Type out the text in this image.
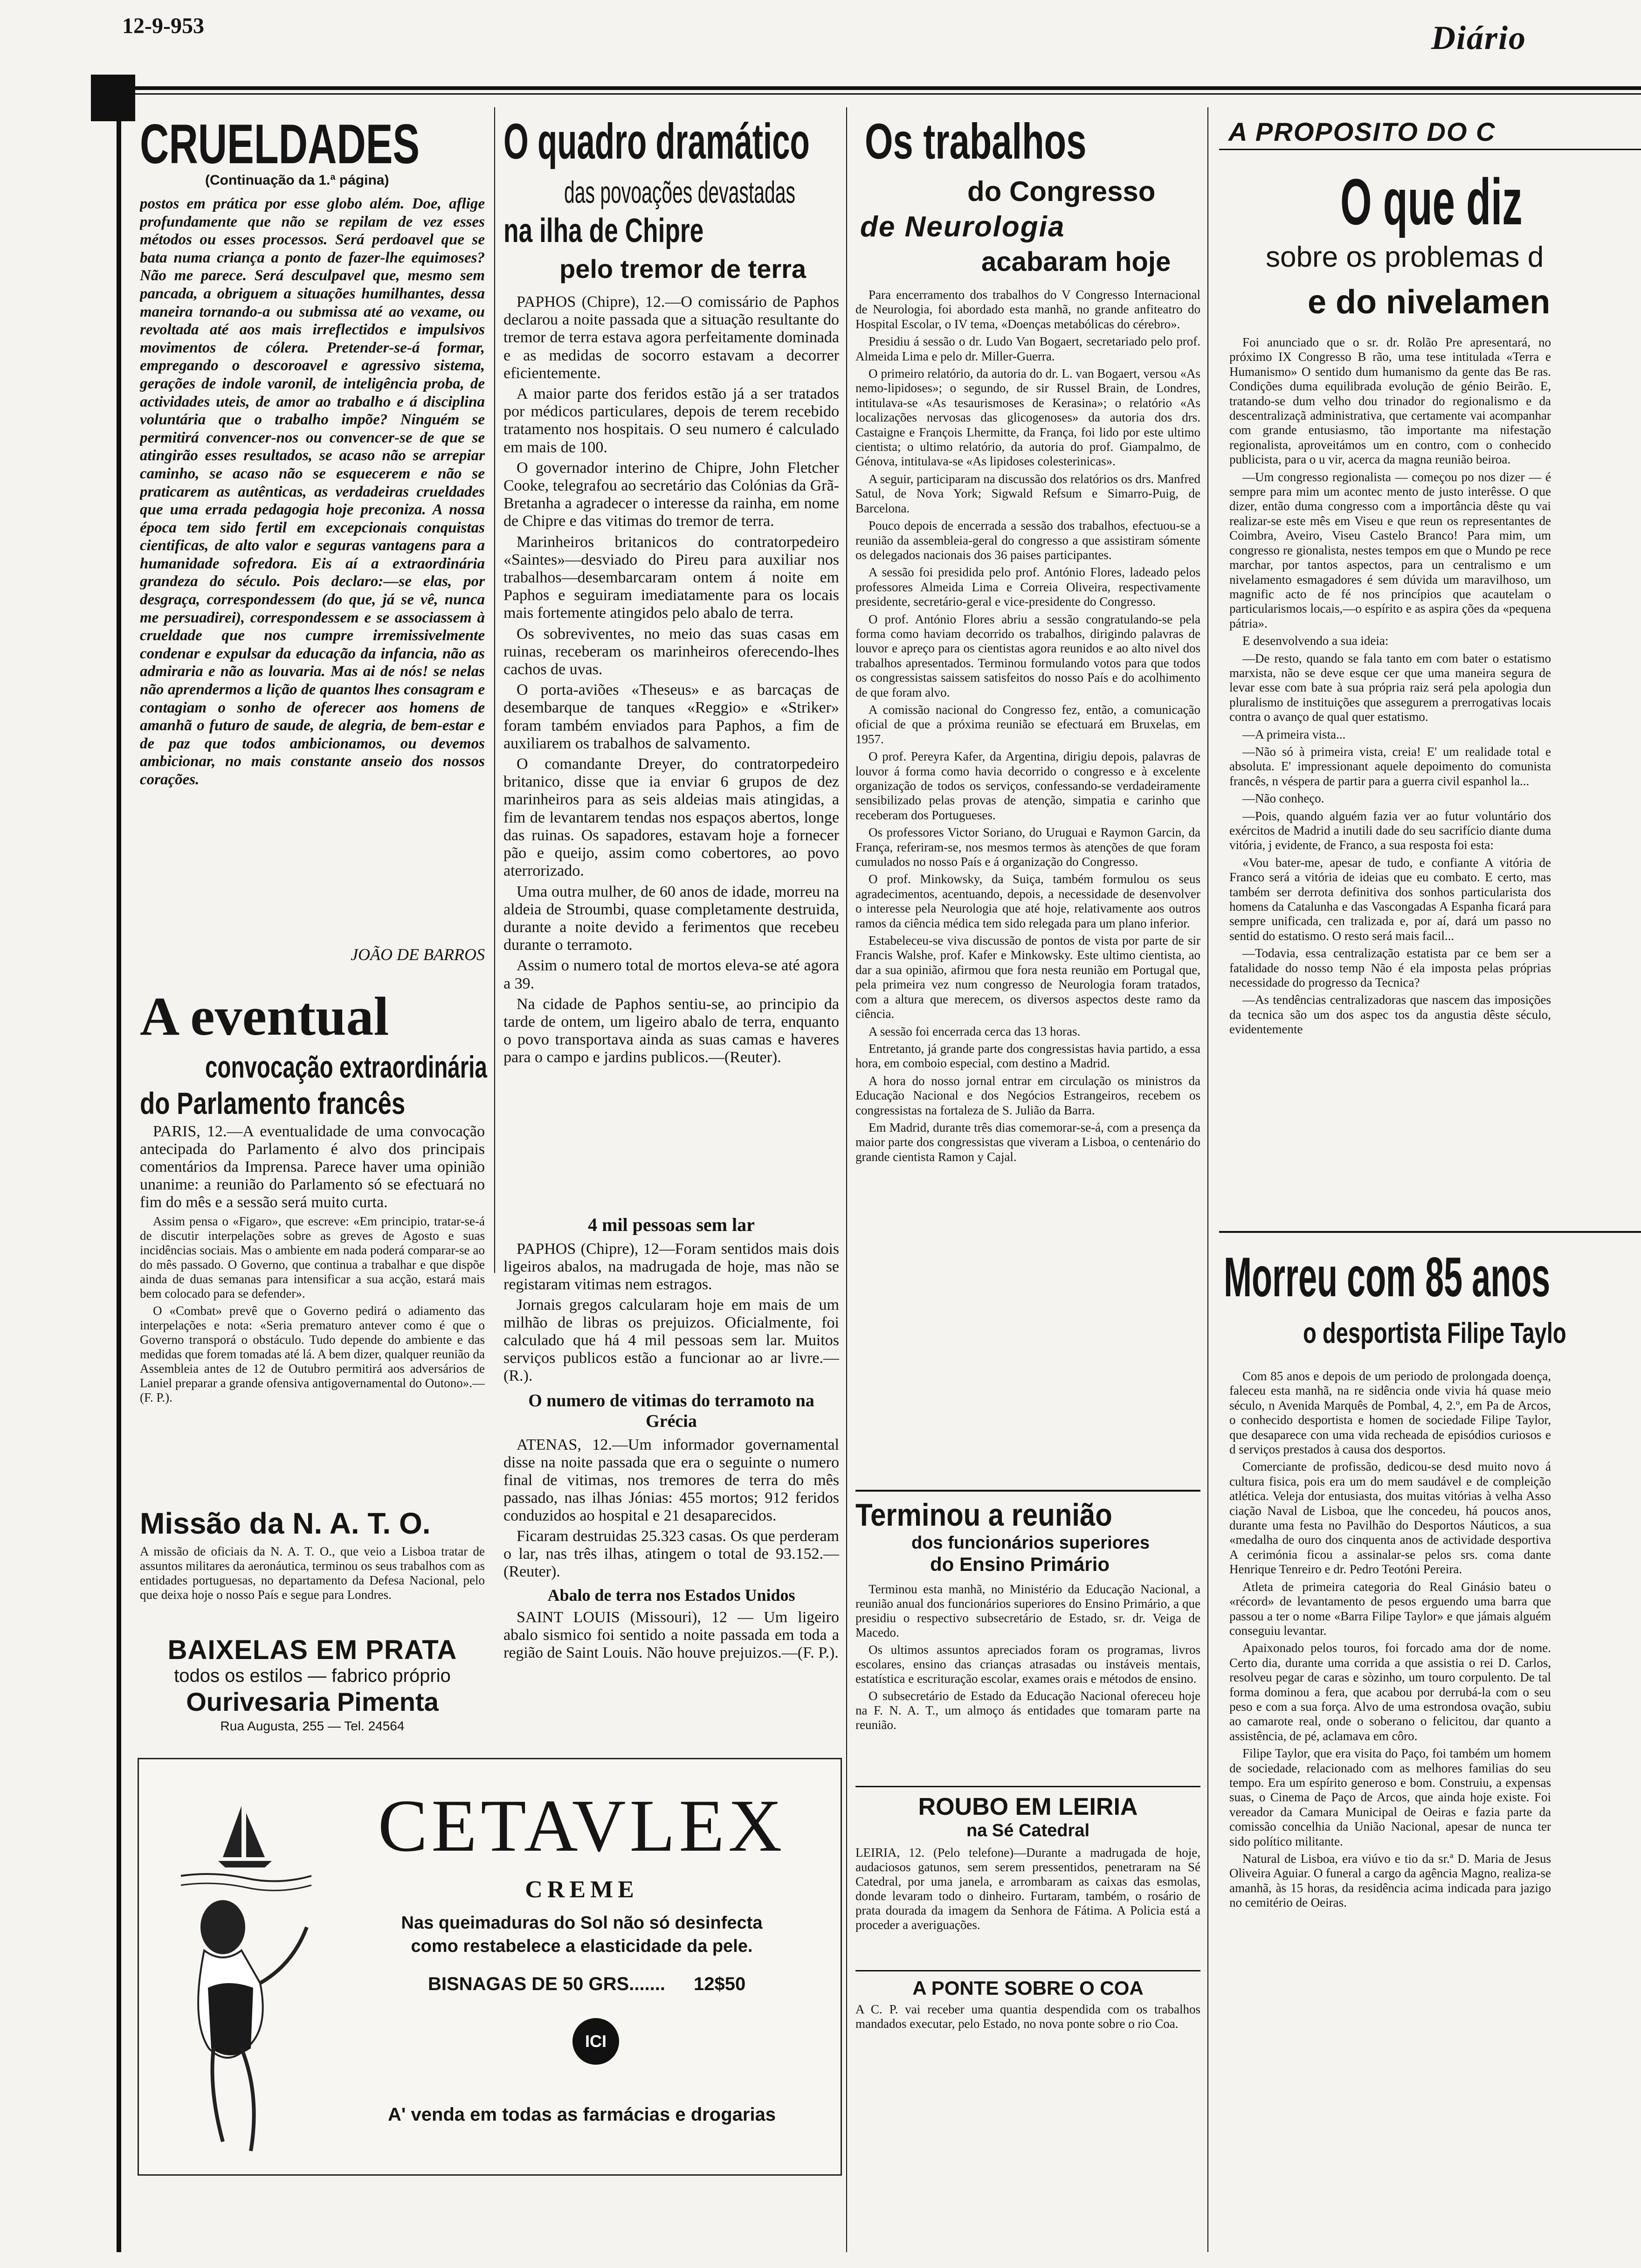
12-9-953	Diário
CRUELDADES
(Continuação da 1.ª página)
postos em prática por esse globo além. Doe, aflige profundamente que não se repilam de vez esses métodos ou esses processos. Será perdoavel que se bata numa criança a ponto de fazer-lhe equimoses? Não me parece. Será desculpavel que, mesmo sem pancada, a obriguem a situações humilhantes, dessa maneira tornando-a ou submissa até ao vexame, ou revoltada até aos mais irreflectidos e impulsivos movimentos de cólera. Pretender-se-á formar, empregando o descoroavel e agressivo sistema, gerações de indole varonil, de inteligência proba, de actividades uteis, de amor ao trabalho e á disciplina voluntária que o trabalho impõe? Ninguém se permitirá convencer-nos ou convencer-se de que se atingirão esses resultados, se acaso não se arrepiar caminho, se acaso não se esquecerem e não se praticarem as autênticas, as verdadeiras crueldades que uma errada pedagogia hoje preconiza. A nossa época tem sido fertil em excepcionais conquistas cientificas, de alto valor e seguras vantagens para a humanidade sofredora. Eis aí a extraordinária grandeza do século. Pois declaro:—se elas, por desgraça, correspondessem (do que, já se vê, nunca me persuadirei), correspondessem e se associassem à crueldade que nos cumpre irremissivelmente condenar e expulsar da educação da infancia, não as admiraria e não as louvaria. Mas ai de nós! se nelas não aprendermos a lição de quantos lhes consagram e contagiam o sonho de oferecer aos homens de amanhã o futuro de saude, de alegria, de bem-estar e de paz que todos ambicionamos, ou devemos ambicionar, no mais constante anseio dos nossos corações.
JOÃO DE BARROS
A eventual
convocação extraordinária
do Parlamento francês

PARIS, 12.—A eventualidade de uma convocação antecipada do Parlamento é alvo dos principais comentários da Imprensa. Parece haver uma opinião unanime: a reunião do Parlamento só se efectuará no fim do mês e a sessão será muito curta.

Assim pensa o «Figaro», que escreve: «Em principio, tratar-se-á de discutir interpelações sobre as greves de Agosto e suas incidências sociais. Mas o ambiente em nada poderá comparar-se ao do mês passado. O Governo, que continua a trabalhar e que dispõe ainda de duas semanas para intensificar a sua acção, estará mais bem colocado para se defender».

O «Combat» prevê que o Governo pedirá o adiamento das interpelações e nota: «Seria prematuro antever como é que o Governo transporá o obstáculo. Tudo depende do ambiente e das medidas que forem tomadas até lá. A bem dizer, qualquer reunião da Assembleia antes de 12 de Outubro permitirá aos adversários de Laniel preparar a grande ofensiva antigovernamental do Outono».—(F. P.).

Missão da N. A. T. O.
A missão de oficiais da N. A. T. O., que veio a Lisboa tratar de assuntos militares da aeronáutica, terminou os seus trabalhos com as entidades portuguesas, no departamento da Defesa Nacional, pelo que deixa hoje o nosso País e segue para Londres.
BAIXELAS EM PRATA
todos os estilos — fabrico próprio
Ourivesaria Pimenta
Rua Augusta, 255 — Tel. 24564
O quadro dramático
das povoações devastadas
na ilha de Chipre
pelo tremor de terra

PAPHOS (Chipre), 12.—O comissário de Paphos declarou a noite passada que a situação resultante do tremor de terra estava agora perfeitamente dominada e as medidas de socorro estavam a decorrer eficientemente.

A maior parte dos feridos estão já a ser tratados por médicos particulares, depois de terem recebido tratamento nos hospitais. O seu numero é calculado em mais de 100.

O governador interino de Chipre, John Fletcher Cooke, telegrafou ao secretário das Colónias da Grã-Bretanha a agradecer o interesse da rainha, em nome de Chipre e das vitimas do tremor de terra.

Marinheiros britanicos do contratorpedeiro «Saintes»—desviado do Pireu para auxiliar nos trabalhos—desembarcaram ontem á noite em Paphos e seguiram imediatamente para os locais mais fortemente atingidos pelo abalo de terra.

Os sobreviventes, no meio das suas casas em ruinas, receberam os marinheiros oferecendo-lhes cachos de uvas.

O porta-aviões «Theseus» e as barcaças de desembarque de tanques «Reggio» e «Striker» foram também enviados para Paphos, a fim de auxiliarem os trabalhos de salvamento.

O comandante Dreyer, do contratorpedeiro britanico, disse que ia enviar 6 grupos de dez marinheiros para as seis aldeias mais atingidas, a fim de levantarem tendas nos espaços abertos, longe das ruinas. Os sapadores, estavam hoje a fornecer pão e queijo, assim como cobertores, ao povo aterrorizado.

Uma outra mulher, de 60 anos de idade, morreu na aldeia de Stroumbi, quase completamente destruida, durante a noite devido a ferimentos que recebeu durante o terramoto.

Assim o numero total de mortos eleva-se até agora a 39.

Na cidade de Paphos sentiu-se, ao principio da tarde de ontem, um ligeiro abalo de terra, enquanto o povo transportava ainda as suas camas e haveres para o campo e jardins publicos.—(Reuter).

4 mil pessoas sem lar

PAPHOS (Chipre), 12—Foram sentidos mais dois ligeiros abalos, na madrugada de hoje, mas não se registaram vitimas nem estragos.

Jornais gregos calcularam hoje em mais de um milhão de libras os prejuizos. Oficialmente, foi calculado que há 4 mil pessoas sem lar. Muitos serviços publicos estão a funcionar ao ar livre.—(R.).

O numero de vitimas do terramoto na Grécia

ATENAS, 12.—Um informador governamental disse na noite passada que era o seguinte o numero final de vitimas, nos tremores de terra do mês passado, nas ilhas Jónias: 455 mortos; 912 feridos conduzidos ao hospital e 21 desaparecidos.

Ficaram destruidas 25.323 casas. Os que perderam o lar, nas três ilhas, atingem o total de 93.152.—(Reuter).

Abalo de terra nos Estados Unidos

SAINT LOUIS (Missouri), 12 — Um ligeiro abalo sismico foi sentido a noite passada em toda a região de Saint Louis. Não houve prejuizos.—(F. P.).

Os trabalhos
do Congresso
de Neurologia
acabaram hoje

Para encerramento dos trabalhos do V Congresso Internacional de Neurologia, foi abordado esta manhã, no grande anfiteatro do Hospital Escolar, o IV tema, «Doenças metabólicas do cérebro».

Presidiu á sessão o dr. Ludo Van Bogaert, secretariado pelo prof. Almeida Lima e pelo dr. Miller-Guerra.

O primeiro relatório, da autoria do dr. L. van Bogaert, versou «As nemo-lipidoses»; o segundo, de sir Russel Brain, de Londres, intitulava-se «As tesaurismoses de Kerasina»; o relatório «As localizações nervosas das glicogenoses» da autoria dos drs. Castaigne e François Lhermitte, da França, foi lido por este ultimo cientista; o ultimo relatório, da autoria do prof. Giampalmo, de Génova, intitulava-se «As lipidoses colesterinicas».

A seguir, participaram na discussão dos relatórios os drs. Manfred Satul, de Nova York; Sigwald Refsum e Simarro-Puig, de Barcelona.

Pouco depois de encerrada a sessão dos trabalhos, efectuou-se a reunião da assembleia-geral do congresso a que assistiram sómente os delegados nacionais dos 36 paises participantes.

A sessão foi presidida pelo prof. António Flores, ladeado pelos professores Almeida Lima e Correia Oliveira, respectivamente presidente, secretário-geral e vice-presidente do Congresso.

O prof. António Flores abriu a sessão congratulando-se pela forma como haviam decorrido os trabalhos, dirigindo palavras de louvor e apreço para os cientistas agora reunidos e ao alto nivel dos trabalhos apresentados. Terminou formulando votos para que todos os congressistas saissem satisfeitos do nosso País e do acolhimento de que foram alvo.

A comissão nacional do Congresso fez, então, a comunicação oficial de que a próxima reunião se efectuará em Bruxelas, em 1957.

O prof. Pereyra Kafer, da Argentina, dirigiu depois, palavras de louvor á forma como havia decorrido o congresso e à excelente organização de todos os serviços, confessando-se verdadeiramente sensibilizado pelas provas de atenção, simpatia e carinho que receberam dos Portugueses.

Os professores Victor Soriano, do Uruguai e Raymon Garcin, da França, referiram-se, nos mesmos termos às atenções de que foram cumulados no nosso País e á organização do Congresso.

O prof. Minkowsky, da Suiça, também formulou os seus agradecimentos, acentuando, depois, a necessidade de desenvolver o interesse pela Neurologia que até hoje, relativamente aos outros ramos da ciência médica tem sido relegada para um plano inferior.

Estabeleceu-se viva discussão de pontos de vista por parte de sir Francis Walshe, prof. Kafer e Minkowsky. Este ultimo cientista, ao dar a sua opinião, afirmou que fora nesta reunião em Portugal que, pela primeira vez num congresso de Neurologia foram tratados, com a altura que merecem, os diversos aspectos deste ramo da ciência.

A sessão foi encerrada cerca das 13 horas.

Entretanto, já grande parte dos congressistas havia partido, a essa hora, em comboio especial, com destino a Madrid.

A hora do nosso jornal entrar em circulação os ministros da Educação Nacional e dos Negócios Estrangeiros, recebem os congressistas na fortaleza de S. Julião da Barra.

Em Madrid, durante três dias comemorar-se-á, com a presença da maior parte dos congressistas que viveram a Lisboa, o centenário do grande cientista Ramon y Cajal.

Terminou a reunião
dos funcionários superiores
do Ensino Primário

Terminou esta manhã, no Ministério da Educação Nacional, a reunião anual dos funcionários superiores do Ensino Primário, a que presidiu o respectivo subsecretário de Estado, sr. dr. Veiga de Macedo.

Os ultimos assuntos apreciados foram os programas, livros escolares, ensino das crianças atrasadas ou instáveis mentais, estatística e escrituração escolar, exames orais e métodos de ensino.

O subsecretário de Estado da Educação Nacional ofereceu hoje na F. N. A. T., um almoço ás entidades que tomaram parte na reunião.

ROUBO EM LEIRIA
na Sé Catedral
LEIRIA, 12. (Pelo telefone)—Durante a madrugada de hoje, audaciosos gatunos, sem serem pressentidos, penetraram na Sé Catedral, por uma janela, e arrombaram as caixas das esmolas, donde levaram todo o dinheiro. Furtaram, também, o rosário de prata dourada da imagem da Senhora de Fátima. A Policia está a proceder a averiguações.
A PONTE SOBRE O COA
A C. P. vai receber uma quantia despendida com os trabalhos mandados executar, pelo Estado, no nova ponte sobre o rio Coa.
A PROPOSITO DO C
O que diz
sobre os problemas d
e do nivelamen

Foi anunciado que o sr. dr. Rolão Pre apresentará, no próximo IX Congresso B rão, uma tese intitulada «Terra e Humanismo» O sentido dum humanismo da gente das Be ras. Condições duma equilibrada evolução de génio Beirão. E, tratando-se dum velho dou trinador do regionalismo e da descentralizaçã administrativa, que certamente vai acompanhar com grande entusiasmo, tão importante ma nifestação regionalista, aproveitámos um en contro, com o conhecido publicista, para o u vir, acerca da magna reunião beiroa.

—Um congresso regionalista — começou po nos dizer — é sempre para mim um acontec mento de justo interêsse. O que dizer, então duma congresso com a importância dêste qu vai realizar-se este mês em Viseu e que reun os representantes de Coimbra, Aveiro, Viseu Castelo Branco! Para mim, um congresso re gionalista, nestes tempos em que o Mundo pe rece marchar, por tantos aspectos, para un centralismo e um nivelamento esmagadores é sem dúvida um maravilhoso, um magnific acto de fé nos princípios que acautelam o particularismos locais,—o espírito e as aspira ções da «pequena pátria».

E desenvolvendo a sua ideia:

—De resto, quando se fala tanto em com bater o estatismo marxista, não se deve esque cer que uma maneira segura de levar esse com bate à sua própria raiz será pela apologia dun pluralismo de instituições que assegurem a prerrogativas locais contra o avanço de qual quer estatismo.

—A primeira vista...

—Não só à primeira vista, creia! E' um realidade total e absoluta. E' impressionant aquele depoimento do comunista francês, n véspera de partir para a guerra civil espanhol la...

—Não conheço.

—Pois, quando alguém fazia ver ao futur voluntário dos exércitos de Madrid a inutili dade do seu sacrifício diante duma vitória, j evidente, de Franco, a sua resposta foi esta:

«Vou bater-me, apesar de tudo, e confiante A vitória de Franco será a vitória de ideias que eu combato. E certo, mas também ser derrota definitiva dos sonhos particularista dos homens da Catalunha e das Vascongadas A Espanha ficará para sempre unificada, cen tralizada e, por aí, dará um passo no sentid do estatismo. O resto será mais facil...

—Todavia, essa centralização estatista par ce bem ser a fatalidade do nosso temp Não é ela imposta pelas próprias necessidade do progresso da Tecnica?

—As tendências centralizadoras que nascem das imposições da tecnica são um dos aspec tos da angustia dêste século, evidentemente

Morreu com 85 anos
o desportista Filipe Taylo

Com 85 anos e depois de um periodo de prolongada doença, faleceu esta manhã, na re sidência onde vivia há quase meio século, n Avenida Marquês de Pombal, 4, 2.º, em Pa de Arcos, o conhecido desportista e homen de sociedade Filipe Taylor, que desaparece con uma vida recheada de episódios curiosos e d serviços prestados à causa dos desportos.

Comerciante de profissão, dedicou-se desd muito novo á cultura fisica, pois era um do mem saudável e de compleição atlética. Veleja dor entusiasta, dos muitas vitórias à velha Asso ciação Naval de Lisboa, que lhe concedeu, há poucos anos, durante uma festa no Pavilhão do Desportos Náuticos, a sua «medalha de ouro dos cinquenta anos de actividade desportiva A cerimónia ficou a assinalar-se pelos srs. coma dante Henrique Tenreiro e dr. Pedro Teotóni Pereira.

Atleta de primeira categoria do Real Ginásio bateu o «récord» de levantamento de pesos erguendo uma barra que passou a ter o nome «Barra Filipe Taylor» e que jámais alguém conseguiu levantar.

Apaixonado pelos touros, foi forcado ama dor de nome. Certo dia, durante uma corrida a que assistia o rei D. Carlos, resolveu pegar de caras e sòzinho, um touro corpulento. De tal forma dominou a fera, que acabou por derrubá-la com o seu peso e com a sua força. Alvo de uma estrondosa ovação, subiu ao camarote real, onde o soberano o felicitou, dar quanto a assistência, de pé, aclamava em côro.

Filipe Taylor, que era visita do Paço, foi também um homem de sociedade, relacionado com as melhores familias do seu tempo. Era um espírito generoso e bom. Construiu, a expensas suas, o Cinema de Paço de Arcos, que ainda hoje existe. Foi vereador da Camara Municipal de Oeiras e fazia parte da comissão concelhia da União Nacional, apesar de nunca ter sido político militante.

Natural de Lisboa, era viúvo e tio da sr.ª D. Maria de Jesus Oliveira Aguiar. O funeral a cargo da agência Magno, realiza-se amanhã, às 15 horas, da residência acima indicada para jazigo no cemitério de Oeiras.

CETAVLEX
CREME
Nas queimaduras do Sol não só desinfecta
como restabelece a elasticidade da pele.
BISNAGAS DE 50 GRS....... 12$50
ICI
A' venda em todas as farmácias e drogarias
